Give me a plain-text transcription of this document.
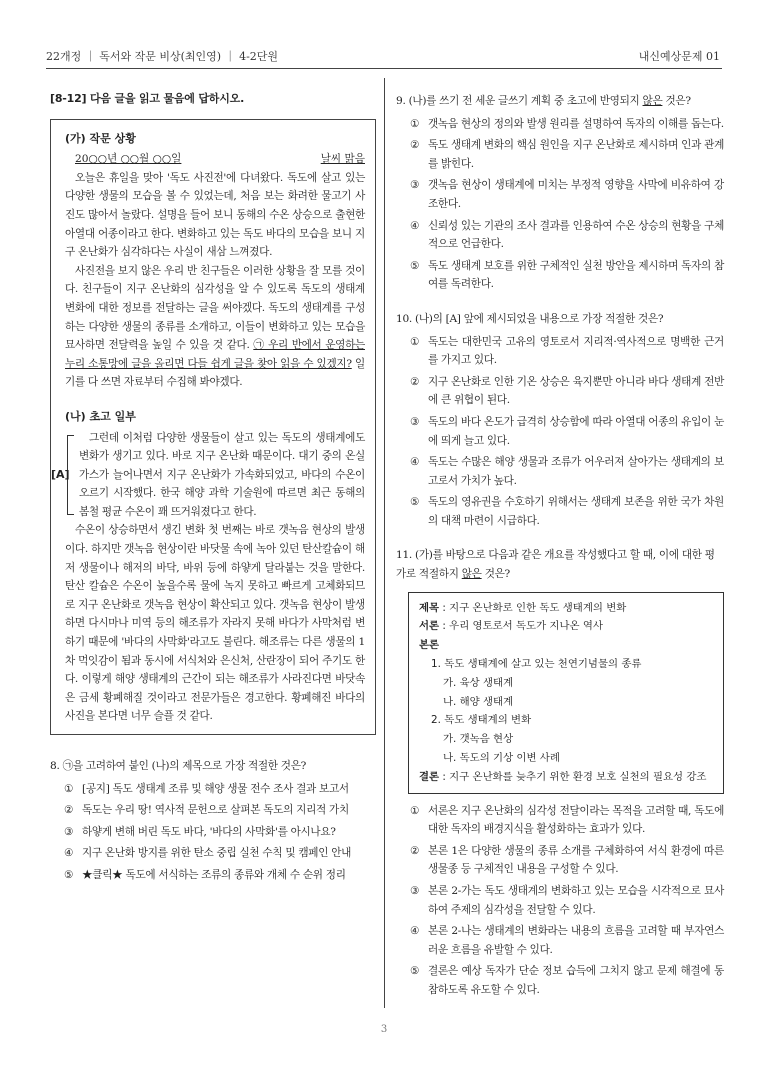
22개정 ｜ 독서와 작문 비상(최인영) ｜ 4-2단원	내신예상문제 01
[8-12] 다음 글을 읽고 물음에 답하시오.
(가) 작문 상황
20○○년 ○○월 ○○일	날씨 맑음

오늘은 휴일을 맞아 '독도 사진전'에 다녀왔다. 독도에 살고 있는 다양한 생물의 모습을 볼 수 있었는데, 처음 보는 화려한 물고기 사진도 많아서 놀랐다. 설명을 들어 보니 동해의 수온 상승으로 출현한 아열대 어종이라고 한다. 변화하고 있는 독도 바다의 모습을 보니 지구 온난화가 심각하다는 사실이 새삼 느껴졌다.

사진전을 보지 않은 우리 반 친구들은 이러한 상황을 잘 모를 것이다. 친구들이 지구 온난화의 심각성을 알 수 있도록 독도의 생태계 변화에 대한 정보를 전달하는 글을 써야겠다. 독도의 생태계를 구성하는 다양한 생물의 종류를 소개하고, 이들이 변화하고 있는 모습을 묘사하면 전달력을 높일 수 있을 것 같다. ㉠ 우리 반에서 운영하는 누리 소통망에 글을 올리면 다들 쉽게 글을 찾아 읽을 수 있겠지? 일기를 다 쓰면 자료부터 수집해 봐야겠다.

(나) 초고 일부
[A]

그런데 이처럼 다양한 생물들이 살고 있는 독도의 생태계에도 변화가 생기고 있다. 바로 지구 온난화 때문이다. 대기 중의 온실가스가 늘어나면서 지구 온난화가 가속화되었고, 바다의 수온이 오르기 시작했다. 한국 해양 과학 기술원에 따르면 최근 동해의 봄철 평균 수온이 꽤 뜨거워졌다고 한다.

수온이 상승하면서 생긴 변화 첫 번째는 바로 갯녹음 현상의 발생이다. 하지만 갯녹음 현상이란 바닷물 속에 녹아 있던 탄산칼슘이 해저 생물이나 해저의 바닥, 바위 등에 하얗게 달라붙는 것을 말한다. 탄산 칼슘은 수온이 높을수록 물에 녹지 못하고 빠르게 고체화되므로 지구 온난화로 갯녹음 현상이 확산되고 있다. 갯녹음 현상이 발생하면 다시마나 미역 등의 해조류가 자라지 못해 바다가 사막처럼 변하기 때문에 '바다의 사막화'라고도 불린다. 해조류는 다른 생물의 1차 먹잇감이 됨과 동시에 서식처와 은신처, 산란장이 되어 주기도 한다. 이렇게 해양 생태계의 근간이 되는 해조류가 사라진다면 바닷속은 금세 황폐해질 것이라고 전문가들은 경고한다. 황폐해진 바다의 사진을 본다면 너무 슬플 것 같다.

8. ㉠을 고려하여 붙인 (나)의 제목으로 가장 적절한 것은?
① [공지] 독도 생태계 조류 및 해양 생물 전수 조사 결과 보고서
② 독도는 우리 땅! 역사적 문헌으로 살펴본 독도의 지리적 가치
③ 하얗게 변해 버린 독도 바다, '바다의 사막화'를 아시나요?
④ 지구 온난화 방지를 위한 탄소 중립 실천 수칙 및 캠페인 안내
⑤ ★클릭★ 독도에 서식하는 조류의 종류와 개체 수 순위 정리
9. (나)를 쓰기 전 세운 글쓰기 계획 중 초고에 반영되지 않은 것은?
① 갯녹음 현상의 정의와 발생 원리를 설명하여 독자의 이해를 돕는다.
② 독도 생태계 변화의 핵심 원인을 지구 온난화로 제시하며 인과 관계를 밝힌다.
③ 갯녹음 현상이 생태계에 미치는 부정적 영향을 사막에 비유하여 강조한다.
④ 신뢰성 있는 기관의 조사 결과를 인용하여 수온 상승의 현황을 구체적으로 언급한다.
⑤ 독도 생태계 보호를 위한 구체적인 실천 방안을 제시하며 독자의 참여를 독려한다.
10. (나)의 [A] 앞에 제시되었을 내용으로 가장 적절한 것은?
① 독도는 대한민국 고유의 영토로서 지리적·역사적으로 명백한 근거를 가지고 있다.
② 지구 온난화로 인한 기온 상승은 육지뿐만 아니라 바다 생태계 전반에 큰 위협이 된다.
③ 독도의 바다 온도가 급격히 상승함에 따라 아열대 어종의 유입이 눈에 띄게 늘고 있다.
④ 독도는 수많은 해양 생물과 조류가 어우러져 살아가는 생태계의 보고로서 가치가 높다.
⑤ 독도의 영유권을 수호하기 위해서는 생태계 보존을 위한 국가 차원의 대책 마련이 시급하다.
11. (가)를 바탕으로 다음과 같은 개요를 작성했다고 할 때, 이에 대한 평가로 적절하지 않은 것은?
제목 : 지구 온난화로 인한 독도 생태계의 변화
서론 : 우리 영토로서 독도가 지나온 역사
본론
1. 독도 생태계에 살고 있는 천연기념물의 종류
가. 육상 생태계
나. 해양 생태계
2. 독도 생태계의 변화
가. 갯녹음 현상
나. 독도의 기상 이변 사례
결론 : 지구 온난화를 늦추기 위한 환경 보호 실천의 필요성 강조
① 서론은 지구 온난화의 심각성 전달이라는 목적을 고려할 때, 독도에 대한 독자의 배경지식을 활성화하는 효과가 있다.
② 본론 1은 다양한 생물의 종류 소개를 구체화하여 서식 환경에 따른 생물종 등 구체적인 내용을 구성할 수 있다.
③ 본론 2-가는 독도 생태계의 변화하고 있는 모습을 시각적으로 묘사하여 주제의 심각성을 전달할 수 있다.
④ 본론 2-나는 생태계의 변화라는 내용의 흐름을 고려할 때 부자연스러운 흐름을 유발할 수 있다.
⑤ 결론은 예상 독자가 단순 정보 습득에 그치지 않고 문제 해결에 동참하도록 유도할 수 있다.
3
